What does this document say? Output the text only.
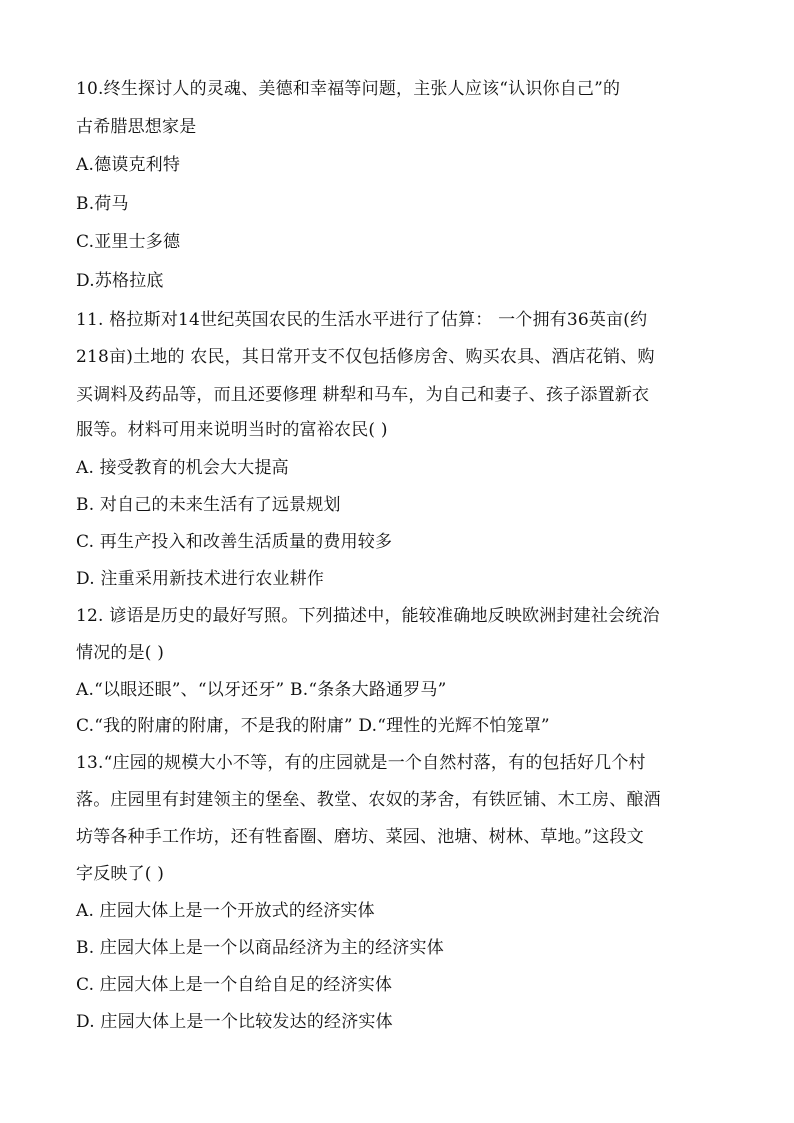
10.终生探讨人的灵魂、美德和幸福等问题，主张人应该“认识你自己”的
古希腊思想家是
A.德谟克利特
B.荷马
C.亚里士多德
D.苏格拉底
11. 格拉斯对14世纪英国农民的生活水平进行了估算： 一个拥有36英亩(约
218亩)土地的 农民，其日常开支不仅包括修房舍、购买农具、酒店花销、购
买调料及药品等，而且还要修理 耕犁和马车，为自己和妻子、孩子添置新衣
服等。材料可用来说明当时的富裕农民( )
A. 接受教育的机会大大提高
B. 对自己的未来生活有了远景规划
C. 再生产投入和改善生活质量的费用较多
D. 注重采用新技术进行农业耕作
12. 谚语是历史的最好写照。下列描述中，能较准确地反映欧洲封建社会统治
情况的是( )
A.“以眼还眼”、“以牙还牙” B.“条条大路通罗马”
C.“我的附庸的附庸，不是我的附庸” D.“理性的光辉不怕笼罩”
13.“庄园的规模大小不等，有的庄园就是一个自然村落，有的包括好几个村
落。庄园里有封建领主的堡垒、教堂、农奴的茅舍，有铁匠铺、木工房、酿酒
坊等各种手工作坊，还有牲畜圈、磨坊、菜园、池塘、树林、草地。”这段文
字反映了( )
A. 庄园大体上是一个开放式的经济实体
B. 庄园大体上是一个以商品经济为主的经济实体
C. 庄园大体上是一个自给自足的经济实体
D. 庄园大体上是一个比较发达的经济实体
